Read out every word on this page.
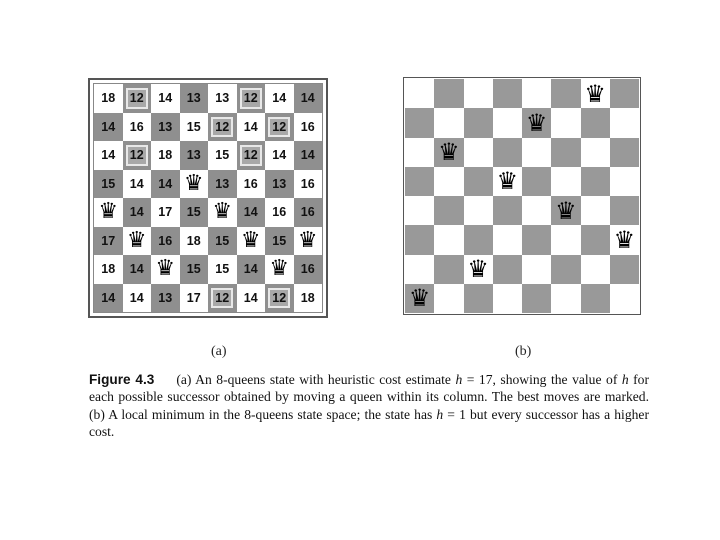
18	12	14 13 13	12	14 14
14 16 13 15	12	14	12	16
14	12	18 13 15	12	14 14
15 14 14 ♛ 13 16 13 16
♛ 14 17 15 ♛ 14 16 16
17 ♛ 16 18 15 ♛ 15 ♛
18 14 ♛ 15 15 14 ♛ 16
14 14 13 17	12	14	12	18
♛
♛
♛
♛
♛
♛
♛
♛
(a)	(b)
Figure 4.3 (a) An 8-queens state with heuristic cost estimate h = 17, showing the value of h for each possible successor obtained by moving a queen within its column. The best moves are marked. (b) A local minimum in the 8-queens state space; the state has h = 1 but every successor has a higher cost.
